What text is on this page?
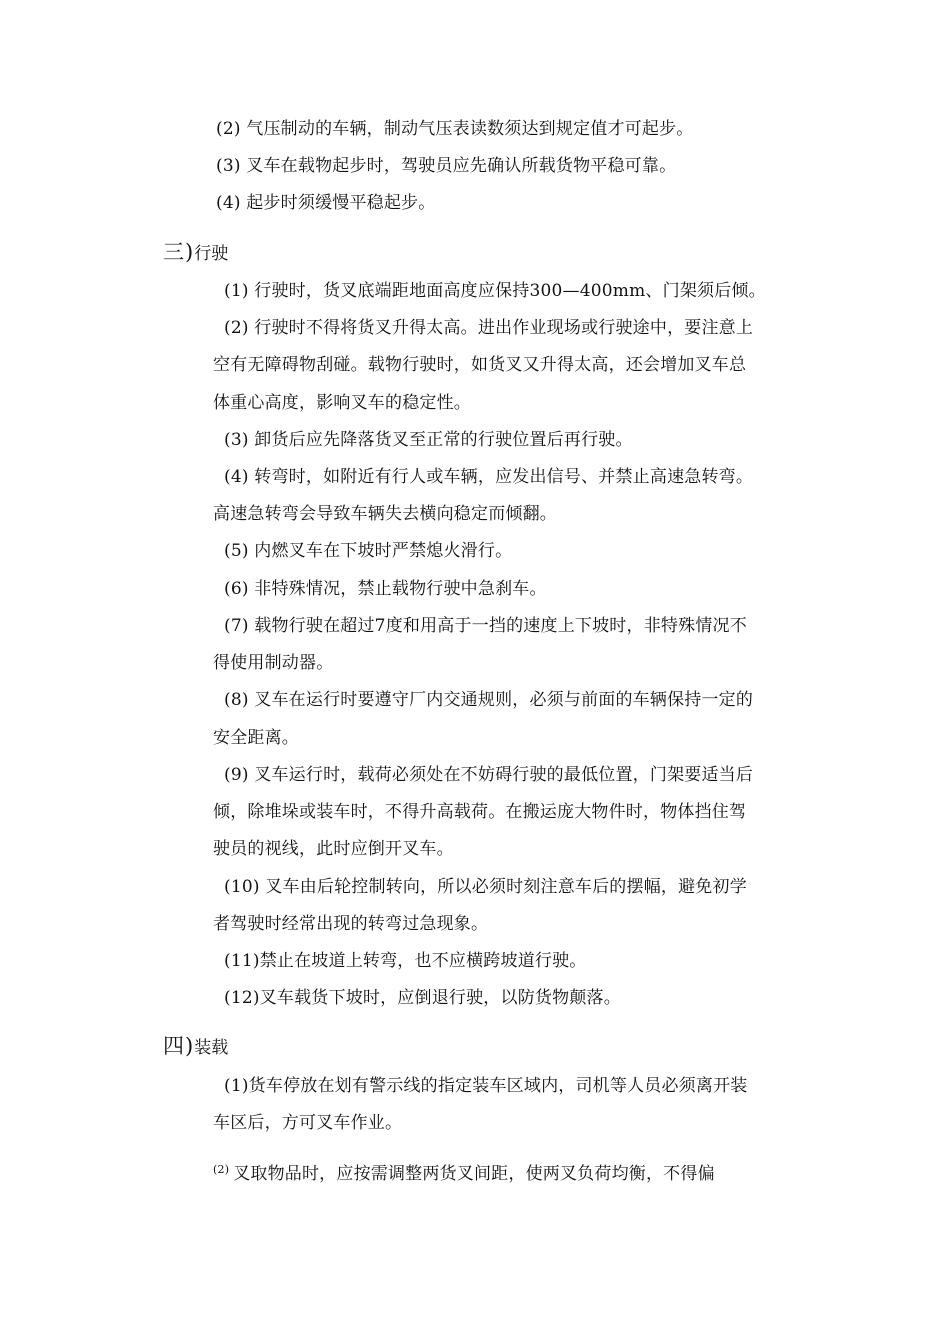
(2) 气压制动的车辆，制动气压表读数须达到规定值才可起步。
(3) 叉车在载物起步时，驾驶员应先确认所载货物平稳可靠。
(4) 起步时须缓慢平稳起步。
三)行驶
(1) 行驶时，货叉底端距地面高度应保持300—400mm、门架须后倾。
(2) 行驶时不得将货叉升得太高。进出作业现场或行驶途中，要注意上
空有无障碍物刮碰。载物行驶时，如货叉又升得太高，还会增加叉车总
体重心高度，影响叉车的稳定性。
(3) 卸货后应先降落货叉至正常的行驶位置后再行驶。
(4) 转弯时，如附近有行人或车辆，应发出信号、并禁止高速急转弯。
高速急转弯会导致车辆失去横向稳定而倾翻。
(5) 内燃叉车在下坡时严禁熄火滑行。
(6) 非特殊情况，禁止载物行驶中急刹车。
(7) 载物行驶在超过7度和用高于一挡的速度上下坡时，非特殊情况不
得使用制动器。
(8) 叉车在运行时要遵守厂内交通规则，必须与前面的车辆保持一定的
安全距离。
(9) 叉车运行时，载荷必须处在不妨碍行驶的最低位置，门架要适当后
倾，除堆垛或装车时，不得升高载荷。在搬运庞大物件时，物体挡住驾
驶员的视线，此时应倒开叉车。
(10) 叉车由后轮控制转向，所以必须时刻注意车后的摆幅，避免初学
者驾驶时经常出现的转弯过急现象。
(11)禁止在坡道上转弯，也不应横跨坡道行驶。
(12)叉车载货下坡时，应倒退行驶，以防货物颠落。
四)装载
(1)货车停放在划有警示线的指定装车区域内，司机等人员必须离开装
车区后，方可叉车作业。
$^{(2)}$ 叉取物品时，应按需调整两货叉间距，使两叉负荷均衡，不得偏
